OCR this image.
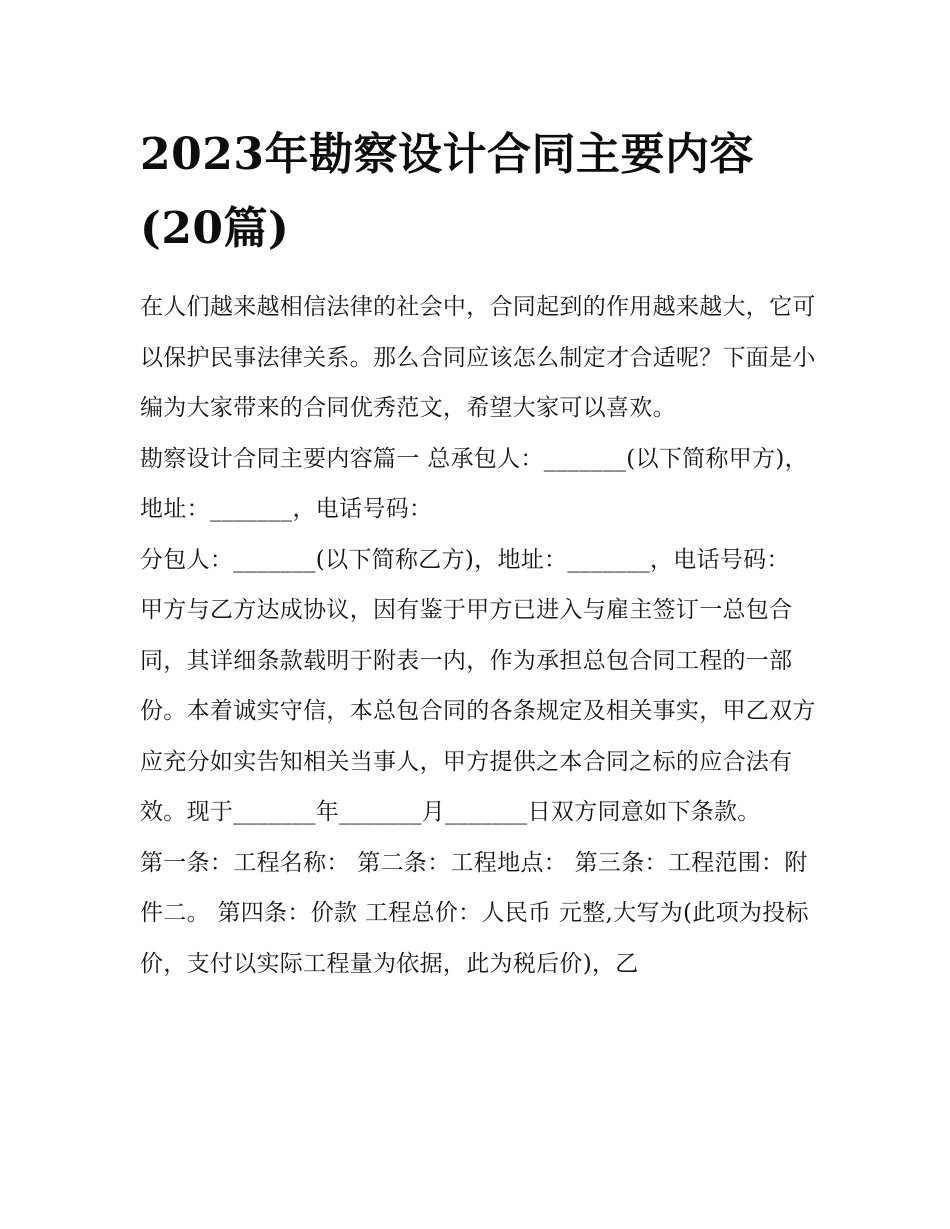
2023年勘察设计合同主要内容(20篇)

在人们越来越相信法律的社会中，合同起到的作用越来越大，它可以保护民事法律关系。那么合同应该怎么制定才合适呢？下面是小编为大家带来的合同优秀范文，希望大家可以喜欢。

勘察设计合同主要内容篇一 总承包人：_______(以下简称甲方)，地址：_______，电话号码：

分包人：_______(以下简称乙方)，地址：_______，电话号码：

甲方与乙方达成协议，因有鉴于甲方已进入与雇主签订一总包合同，其详细条款载明于附表一内，作为承担总包合同工程的一部份。本着诚实守信，本总包合同的各条规定及相关事实，甲乙双方应充分如实告知相关当事人，甲方提供之本合同之标的应合法有效。现于_______年_______月_______日双方同意如下条款。

第一条：工程名称： 第二条：工程地点： 第三条：工程范围：附件二。 第四条：价款 工程总价：人民币 元整,大写为(此项为投标价，支付以实际工程量为依据，此为税后价)，乙
